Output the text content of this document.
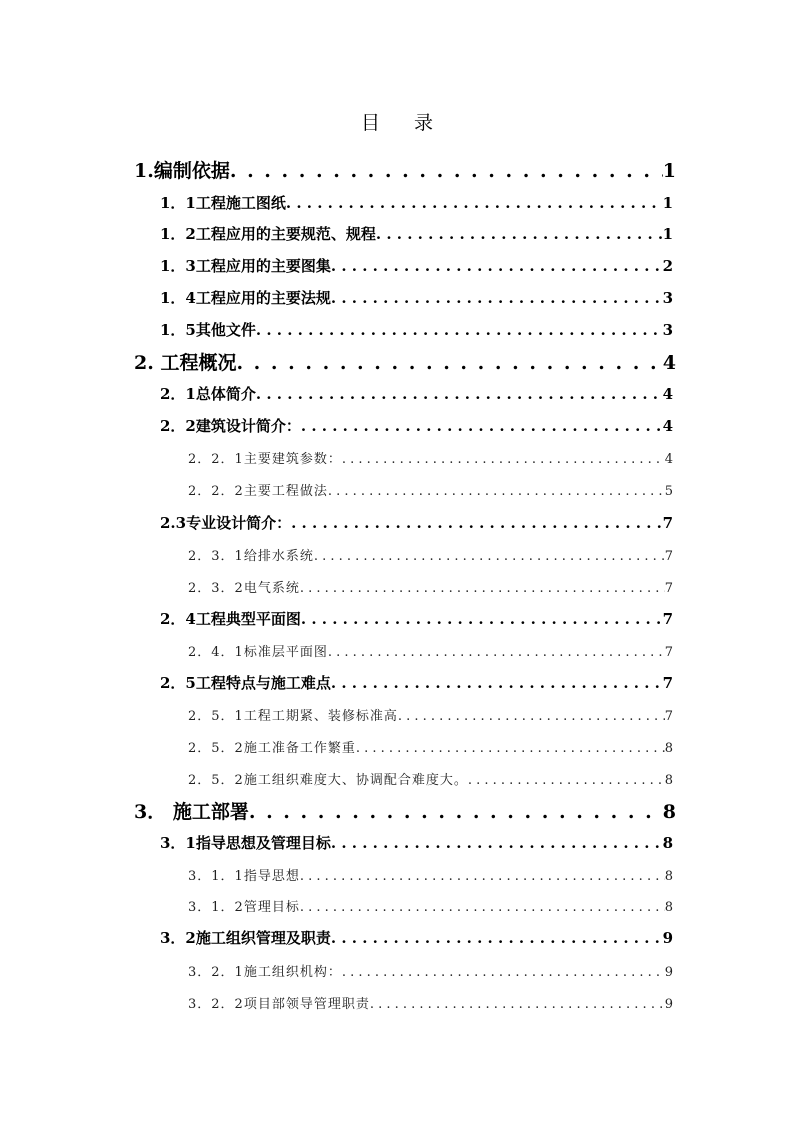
目 录
1.编制依据 . . .	1
1．1工程施工图纸 . . .	1
1．2工程应用的主要规范、规程 . . .	1
1．3工程应用的主要图集 . . .	2
1．4工程应用的主要法规 . . .	3
1．5其他文件 . . .	3
2. 工程概况 . . .	4
2．1总体简介 . . .	4
2．2建筑设计简介： . . .	4
2．2．1主要建筑参数： . . .	4
2．2．2主要工程做法 . . .	5
2.3专业设计简介： . . .	7
2．3．1给排水系统 . . .	7
2．3．2电气系统 . . .	7
2．4工程典型平面图 . . .	7
2．4．1标准层平面图 . . .	7
2．5工程特点与施工难点 . . .	7
2．5．1工程工期紧、装修标准高 . . .	7
2．5．2施工准备工作繁重 . . .	8
2．5．2施工组织难度大、协调配合难度大。 . . .	8
3． 施工部署 . . .	8
3．1指导思想及管理目标 . . .	8
3．1．1指导思想 . . .	8
3．1．2管理目标 . . .	8
3．2施工组织管理及职责 . . .	9
3．2．1施工组织机构： . . .	9
3．2．2项目部领导管理职责 . . .	9
